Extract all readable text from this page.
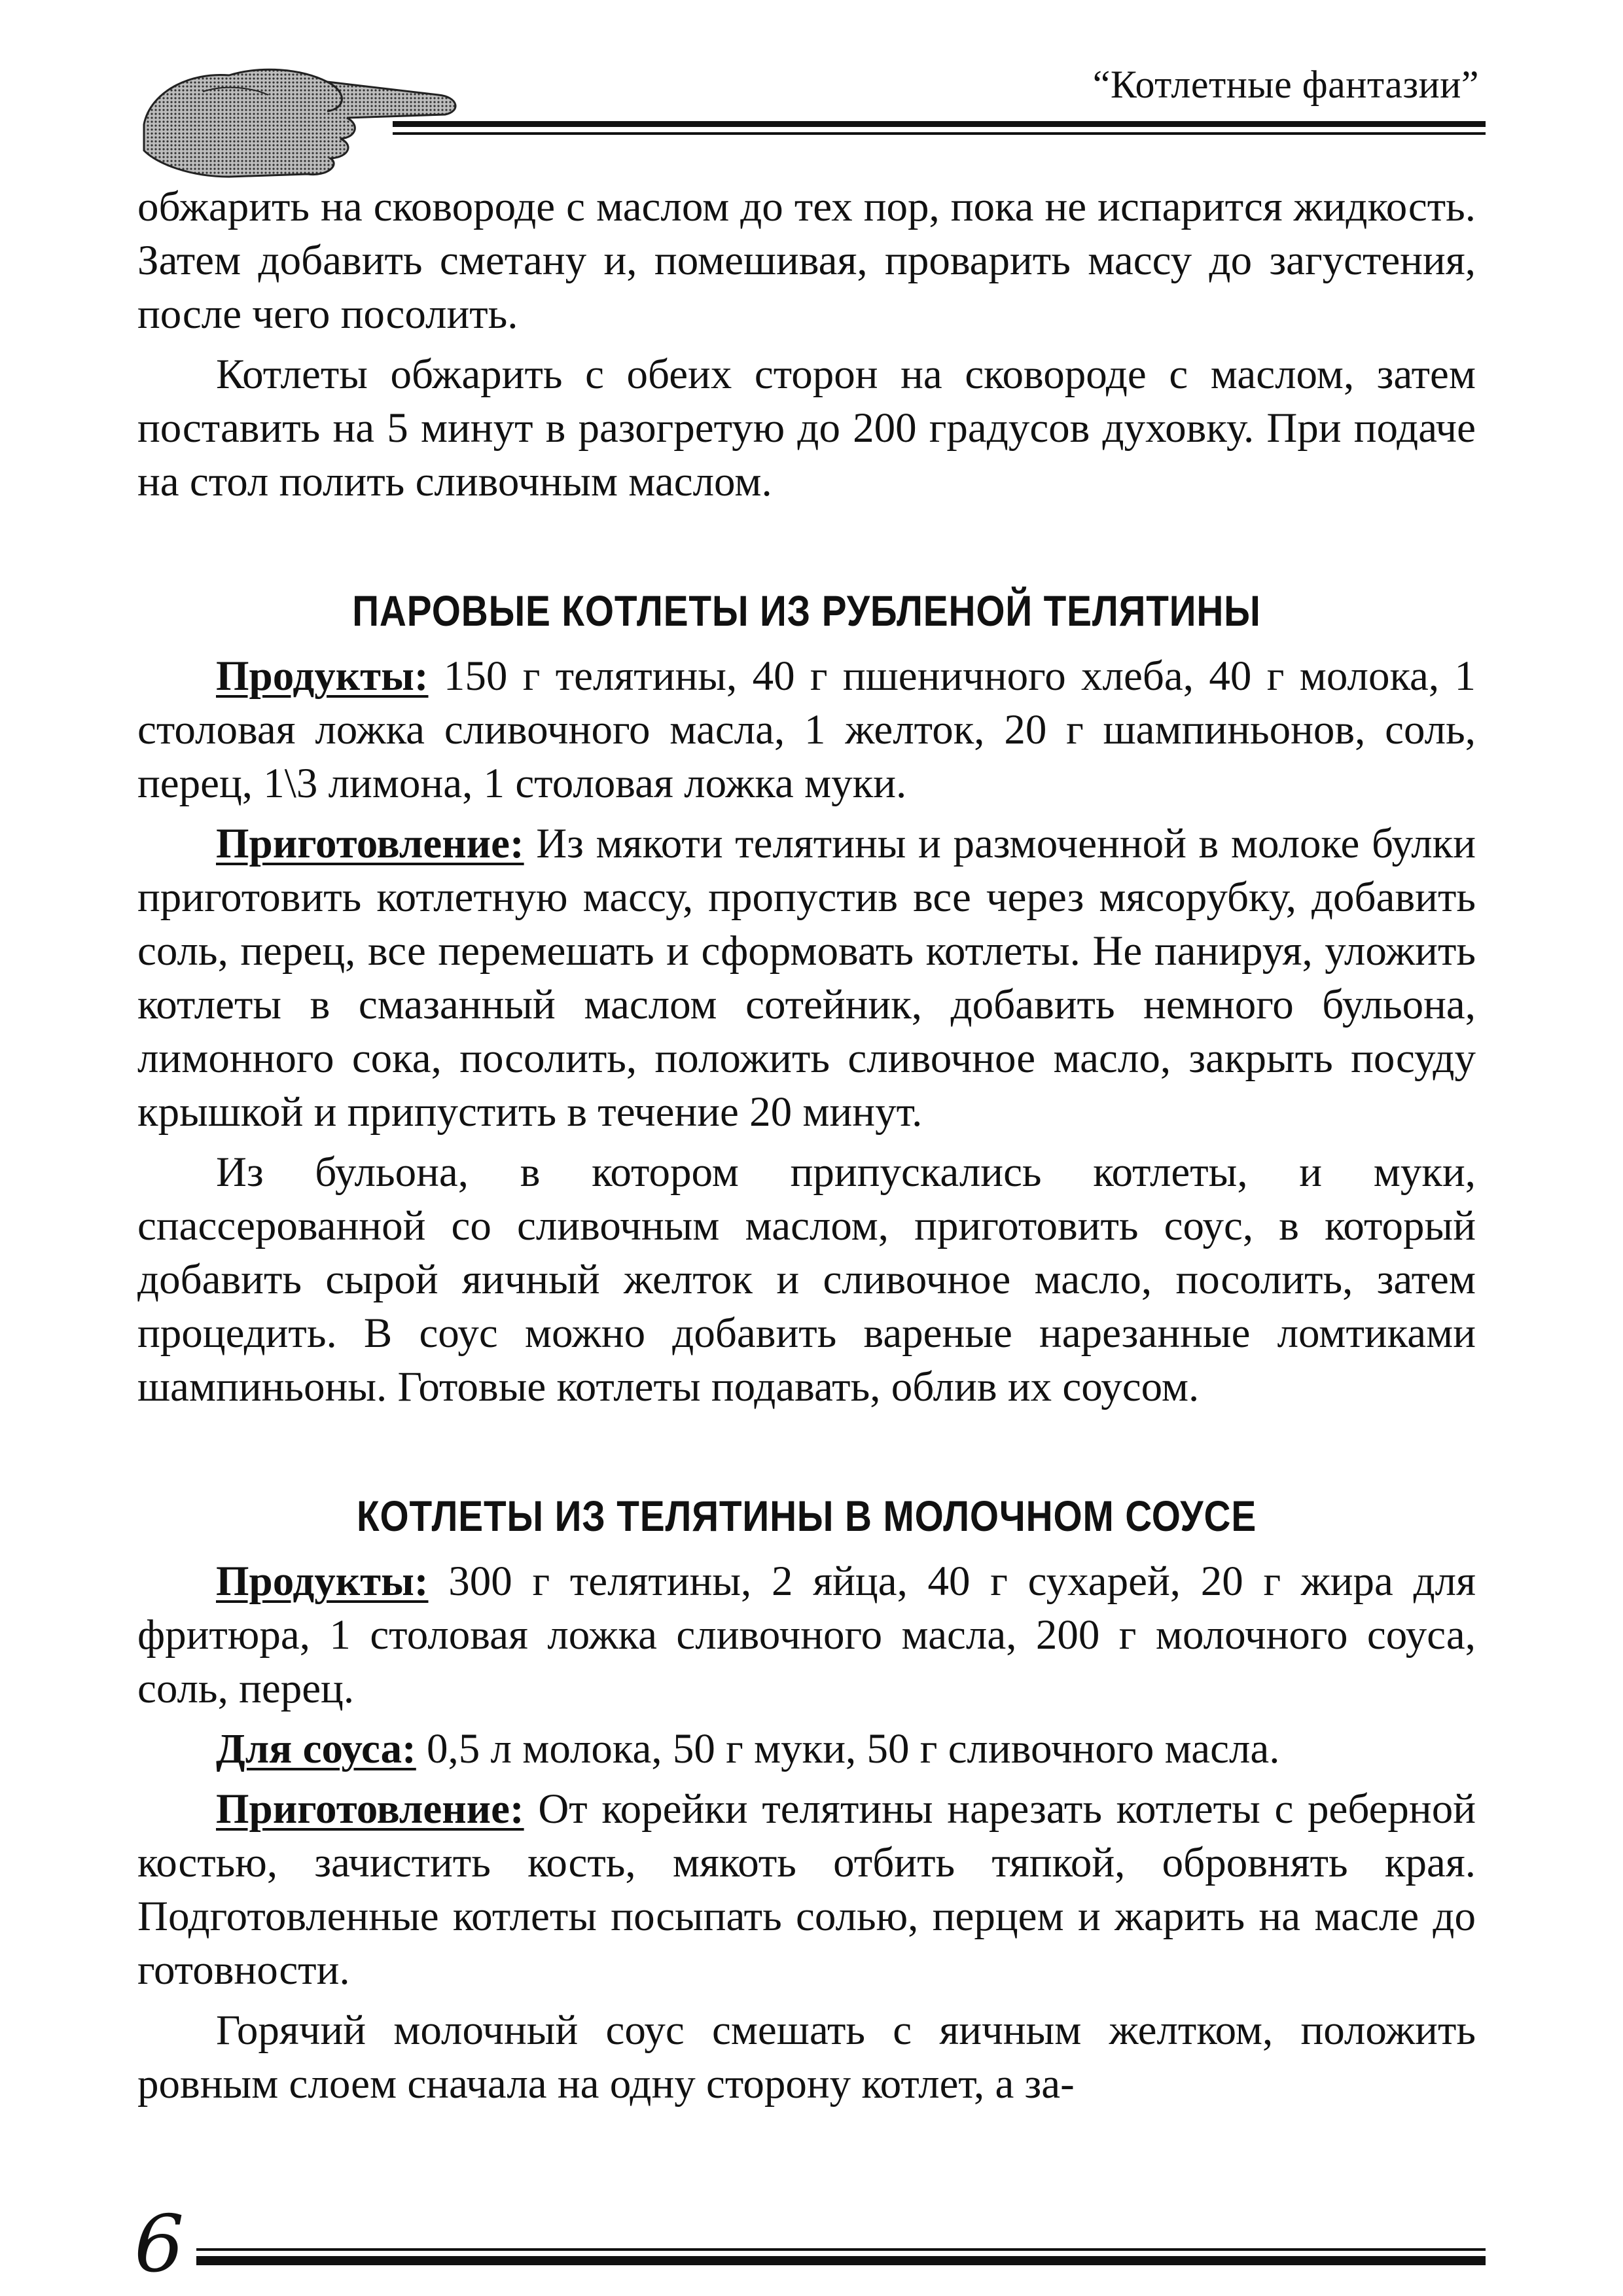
“Котлетные фантазии”

обжарить на сковороде с маслом до тех пор, пока не испарится жидкость. Затем добавить сметану и, помешивая, проварить массу до загустения, после чего посолить.

Котлеты обжарить с обеих сторон на сковороде с маслом, затем поставить на 5 минут в разогретую до 200 градусов духовку. При подаче на стол полить сливочным маслом.

ПАРОВЫЕ КОТЛЕТЫ ИЗ РУБЛЕНОЙ ТЕЛЯТИНЫ

Продукты: 150 г телятины, 40 г пшеничного хлеба, 40 г молока, 1 столовая ложка сливочного масла, 1 желток, 20 г шампиньонов, соль, перец, 1\3 лимона, 1 столовая ложка муки.

Приготовление: Из мякоти телятины и размоченной в молоке булки приготовить котлетную массу, пропустив все через мясорубку, добавить соль, перец, все перемешать и сформовать котлеты. Не панируя, уложить котлеты в смазанный маслом сотейник, добавить немного бульона, лимонного сока, посолить, положить сливочное масло, закрыть посуду крышкой и припустить в течение 20 минут.

Из бульона, в котором припускались котлеты, и муки, спассерованной со сливочным маслом, приготовить соус, в который добавить сырой яичный желток и сливочное масло, посолить, затем процедить. В соус можно добавить вареные нарезанные ломтиками шампиньоны. Готовые котлеты подавать, облив их соусом.

КОТЛЕТЫ ИЗ ТЕЛЯТИНЫ В МОЛОЧНОМ СОУСЕ

Продукты: 300 г телятины, 2 яйца, 40 г сухарей, 20 г жира для фритюра, 1 столовая ложка сливочного масла, 200 г молочного соуса, соль, перец.

Для соуса: 0,5 л молока, 50 г муки, 50 г сливочного масла.

Приготовление: От корейки телятины нарезать котлеты с реберной костью, зачистить кость, мякоть отбить тяпкой, обровнять края. Подготовленные котлеты посыпать солью, перцем и жарить на масле до готовности.

Горячий молочный соус смешать с яичным желтком, положить ровным слоем сначала на одну сторону котлет, а за-

6
